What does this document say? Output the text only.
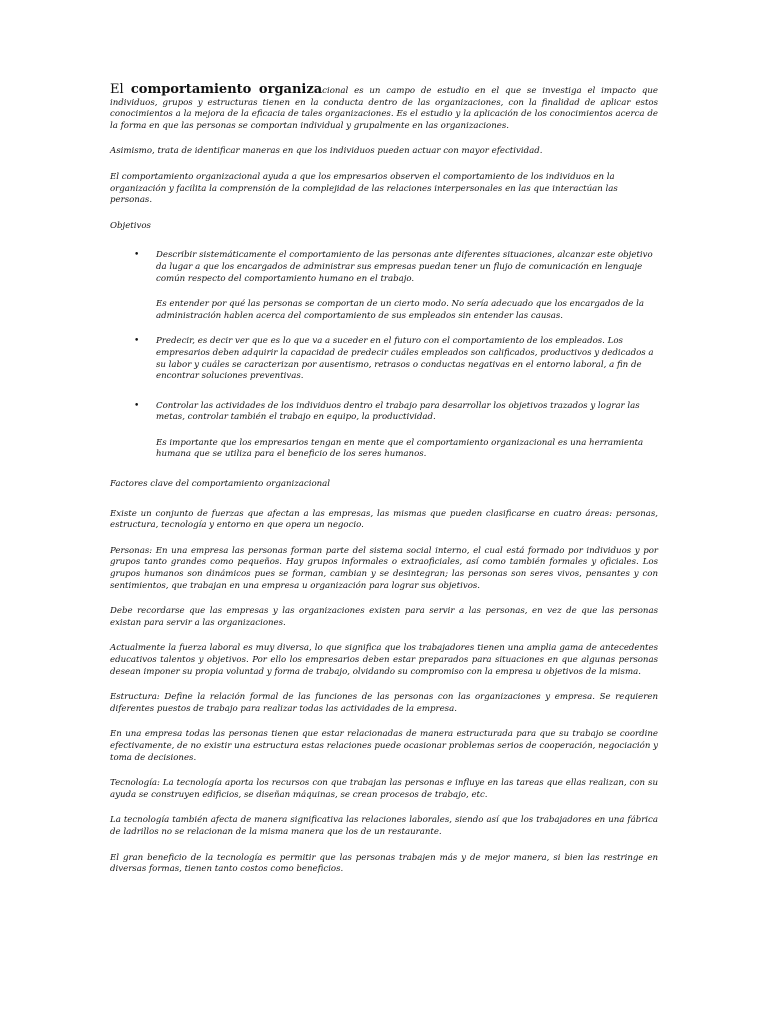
El comportamiento organizacional es un campo de estudio en el que se investiga el impacto que individuos, grupos y estructuras tienen en la conducta dentro de las organizaciones, con la finalidad de aplicar estos conocimientos a la mejora de la eficacia de tales organizaciones. Es el estudio y la aplicación de los conocimientos acerca de la forma en que las personas se comportan individual y grupalmente en las organizaciones.

Asimismo, trata de identificar maneras en que los individuos pueden actuar con mayor efectividad.

El comportamiento organizacional ayuda a que los empresarios observen el comportamiento de los individuos en la organización y facilita la comprensión de la complejidad de las relaciones interpersonales en las que interactúan las personas.

Objetivos

• Describir sistemáticamente el comportamiento de las personas ante diferentes situaciones, alcanzar este objetivo da lugar a que los encargados de administrar sus empresas puedan tener un flujo de comunicación en lenguaje común respecto del comportamiento humano en el trabajo.

Es entender por qué las personas se comportan de un cierto modo. No sería adecuado que los encargados de la administración hablen acerca del comportamiento de sus empleados sin entender las causas.

• Predecir, es decir ver que es lo que va a suceder en el futuro con el comportamiento de los empleados. Los empresarios deben adquirir la capacidad de predecir cuáles empleados son calificados, productivos y dedicados a su labor y cuáles se caracterizan por ausentismo, retrasos o conductas negativas en el entorno laboral, a fin de encontrar soluciones preventivas.
• Controlar las actividades de los individuos dentro el trabajo para desarrollar los objetivos trazados y lograr las metas, controlar también el trabajo en equipo, la productividad.

Es importante que los empresarios tengan en mente que el comportamiento organizacional es una herramienta humana que se utiliza para el beneficio de los seres humanos.

Factores clave del comportamiento organizacional

Existe un conjunto de fuerzas que afectan a las empresas, las mismas que pueden clasificarse en cuatro áreas: personas, estructura, tecnología y entorno en que opera un negocio.

Personas: En una empresa las personas forman parte del sistema social interno, el cual está formado por individuos y por grupos tanto grandes como pequeños. Hay grupos informales o extraoficiales, así como también formales y oficiales. Los grupos humanos son dinámicos pues se forman, cambian y se desintegran; las personas son seres vivos, pensantes y con sentimientos, que trabajan en una empresa u organización para lograr sus objetivos.

Debe recordarse que las empresas y las organizaciones existen para servir a las personas, en vez de que las personas existan para servir a las organizaciones.

Actualmente la fuerza laboral es muy diversa, lo que significa que los trabajadores tienen una amplia gama de antecedentes educativos talentos y objetivos. Por ello los empresarios deben estar preparados para situaciones en que algunas personas desean imponer su propia voluntad y forma de trabajo, olvidando su compromiso con la empresa u objetivos de la misma.

Estructura: Define la relación formal de las funciones de las personas con las organizaciones y empresa. Se requieren diferentes puestos de trabajo para realizar todas las actividades de la empresa.

En una empresa todas las personas tienen que estar relacionadas de manera estructurada para que su trabajo se coordine efectivamente, de no existir una estructura estas relaciones puede ocasionar problemas serios de cooperación, negociación y toma de decisiones.

Tecnología: La tecnología aporta los recursos con que trabajan las personas e influye en las tareas que ellas realizan, con su ayuda se construyen edificios, se diseñan máquinas, se crean procesos de trabajo, etc.

La tecnología también afecta de manera significativa las relaciones laborales, siendo así que los trabajadores en una fábrica de ladrillos no se relacionan de la misma manera que los de un restaurante.

El gran beneficio de la tecnología es permitir que las personas trabajen más y de mejor manera, si bien las restringe en diversas formas, tienen tanto costos como beneficios.
